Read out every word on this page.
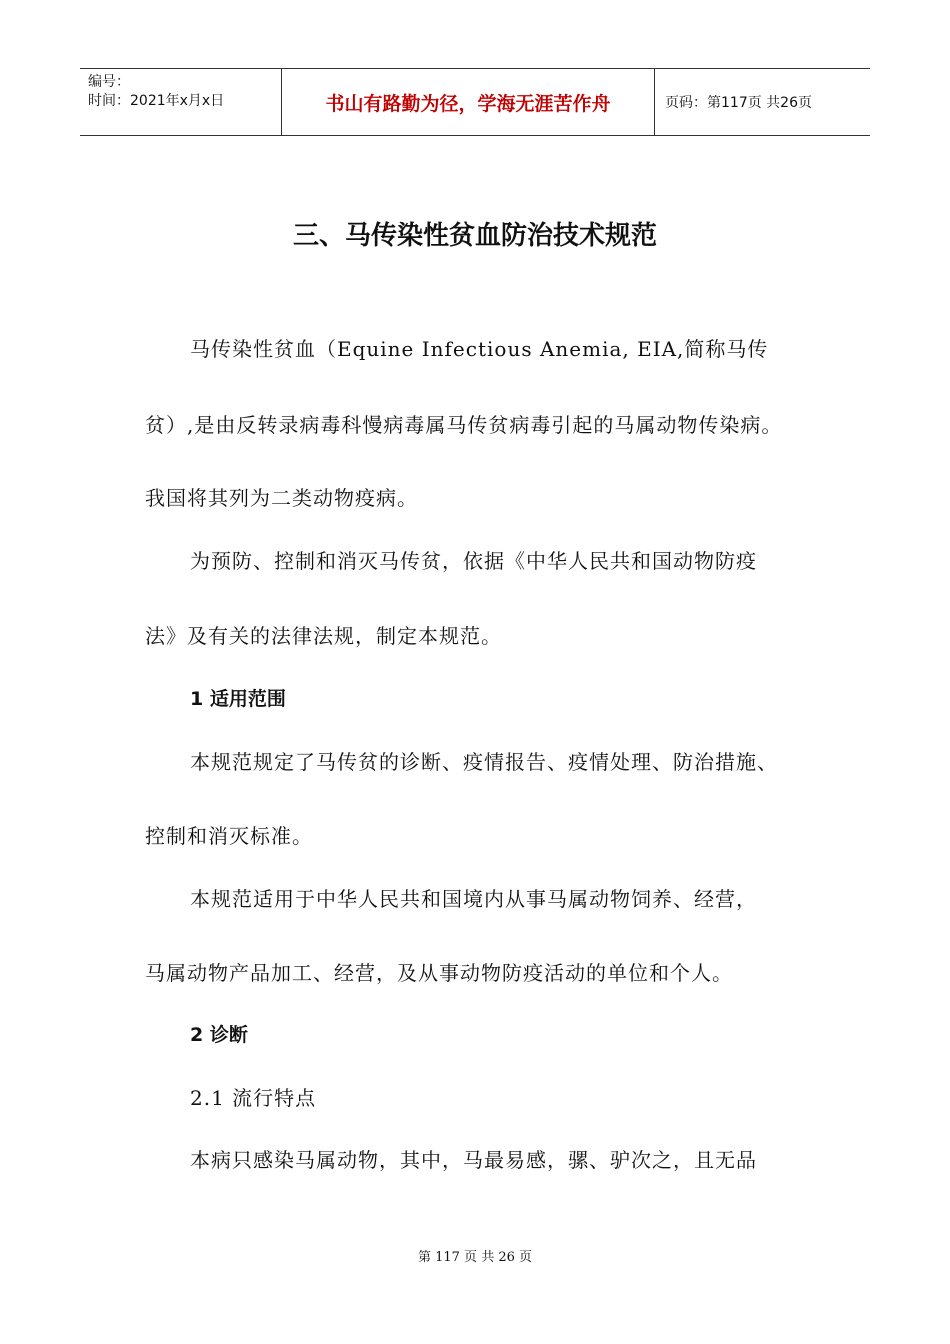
编号：
时间：2021年x月x日	书山有路勤为径，学海无涯苦作舟	页码：第117页 共26页
三、马传染性贫血防治技术规范
马传染性贫血（Equine Infectious Anemia, EIA,简称马传
贫）,是由反转录病毒科慢病毒属马传贫病毒引起的马属动物传染病。
我国将其列为二类动物疫病。
为预防、控制和消灭马传贫，依据《中华人民共和国动物防疫
法》及有关的法律法规，制定本规范。
1 适用范围
本规范规定了马传贫的诊断、疫情报告、疫情处理、防治措施、
控制和消灭标准。
本规范适用于中华人民共和国境内从事马属动物饲养、经营，
马属动物产品加工、经营，及从事动物防疫活动的单位和个人。
2 诊断
2.1 流行特点
本病只感染马属动物，其中，马最易感，骡、驴次之，且无品
第 117 页 共 26 页
